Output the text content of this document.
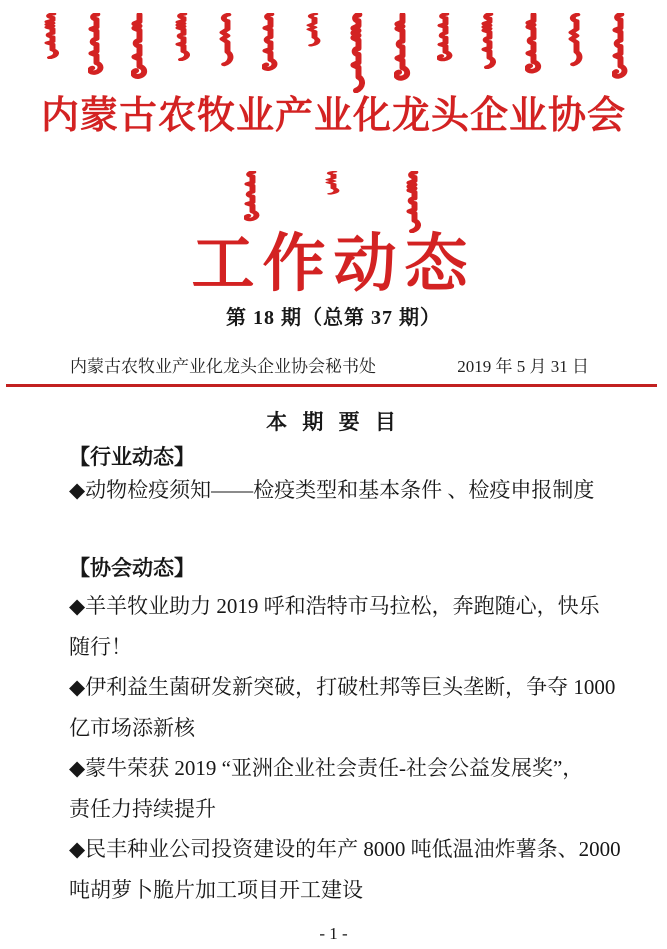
内蒙古农牧业产业化龙头企业协会
工作动态
第 18 期（总第 37 期）
内蒙古农牧业产业化龙头企业协会秘书处	2019 年 5 月 31 日
本 期 要 目
【行业动态】
◆动物检疫须知——检疫类型和基本条件 、检疫申报制度
【协会动态】
◆羊羊牧业助力 2019 呼和浩特市马拉松，奔跑随心，快乐
随行！
◆伊利益生菌研发新突破，打破杜邦等巨头垄断，争夺 1000
亿市场添新核
◆蒙牛荣获 2019 “亚洲企业社会责任-社会公益发展奖”，
责任力持续提升
◆民丰种业公司投资建设的年产 8000 吨低温油炸薯条、2000
吨胡萝卜脆片加工项目开工建设
- 1 -
